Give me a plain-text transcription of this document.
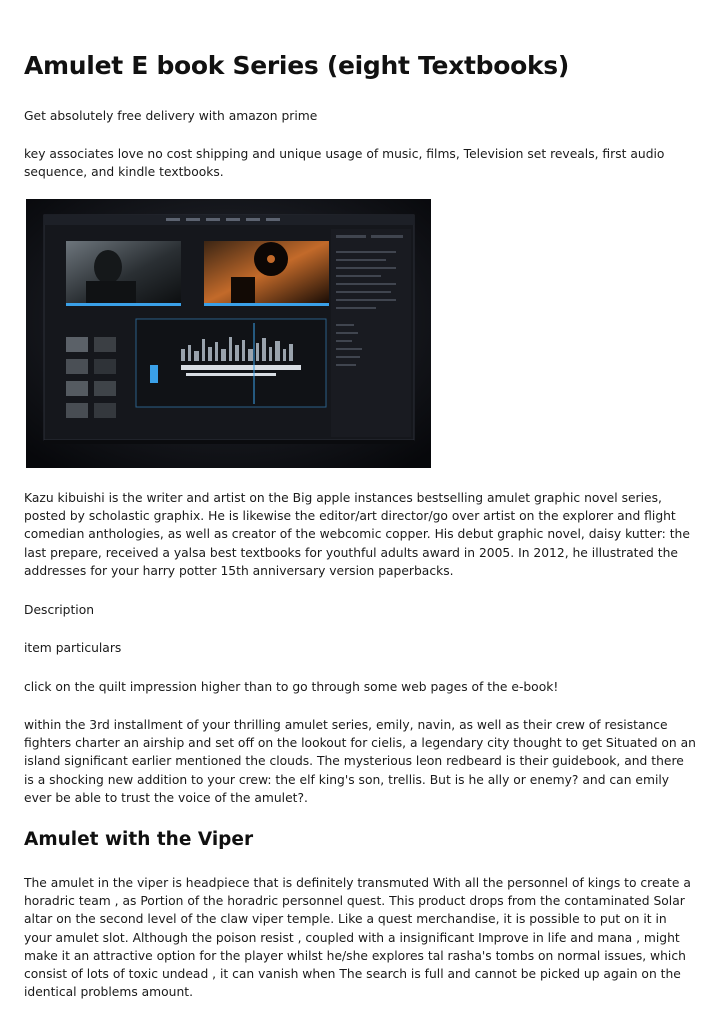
Amulet E book Series (eight Textbooks)

Get absolutely free delivery with amazon prime

key associates love no cost shipping and unique usage of music, films, Television set reveals, first audio sequence, and kindle textbooks.

Kazu kibuishi is the writer and artist on the Big apple instances bestselling amulet graphic novel series, posted by scholastic graphix. He is likewise the editor/art director/go over artist on the explorer and flight comedian anthologies, as well as creator of the webcomic copper. His debut graphic novel, daisy kutter: the last prepare, received a yalsa best textbooks for youthful adults award in 2005. In 2012, he illustrated the addresses for your harry potter 15th anniversary version paperbacks.

Description

item particulars

click on the quilt impression higher than to go through some web pages of the e-book!

within the 3rd installment of your thrilling amulet series, emily, navin, as well as their crew of resistance fighters charter an airship and set off on the lookout for cielis, a legendary city thought to get Situated on an island significant earlier mentioned the clouds. The mysterious leon redbeard is their guidebook, and there is a shocking new addition to your crew: the elf king's son, trellis. But is he ally or enemy? and can emily ever be able to trust the voice of the amulet?.

Amulet with the Viper

The amulet in the viper is headpiece that is definitely transmuted With all the personnel of kings to create a horadric team , as Portion of the horadric personnel quest. This product drops from the contaminated Solar altar on the second level of the claw viper temple. Like a quest merchandise, it is possible to put on it in your amulet slot. Although the poison resist , coupled with a insignificant Improve in life and mana , might make it an attractive option for the player whilst he/she explores tal rasha's tombs on normal issues, which consist of lots of toxic undead , it can vanish when The search is full and cannot be picked up again on the identical problems amount.
